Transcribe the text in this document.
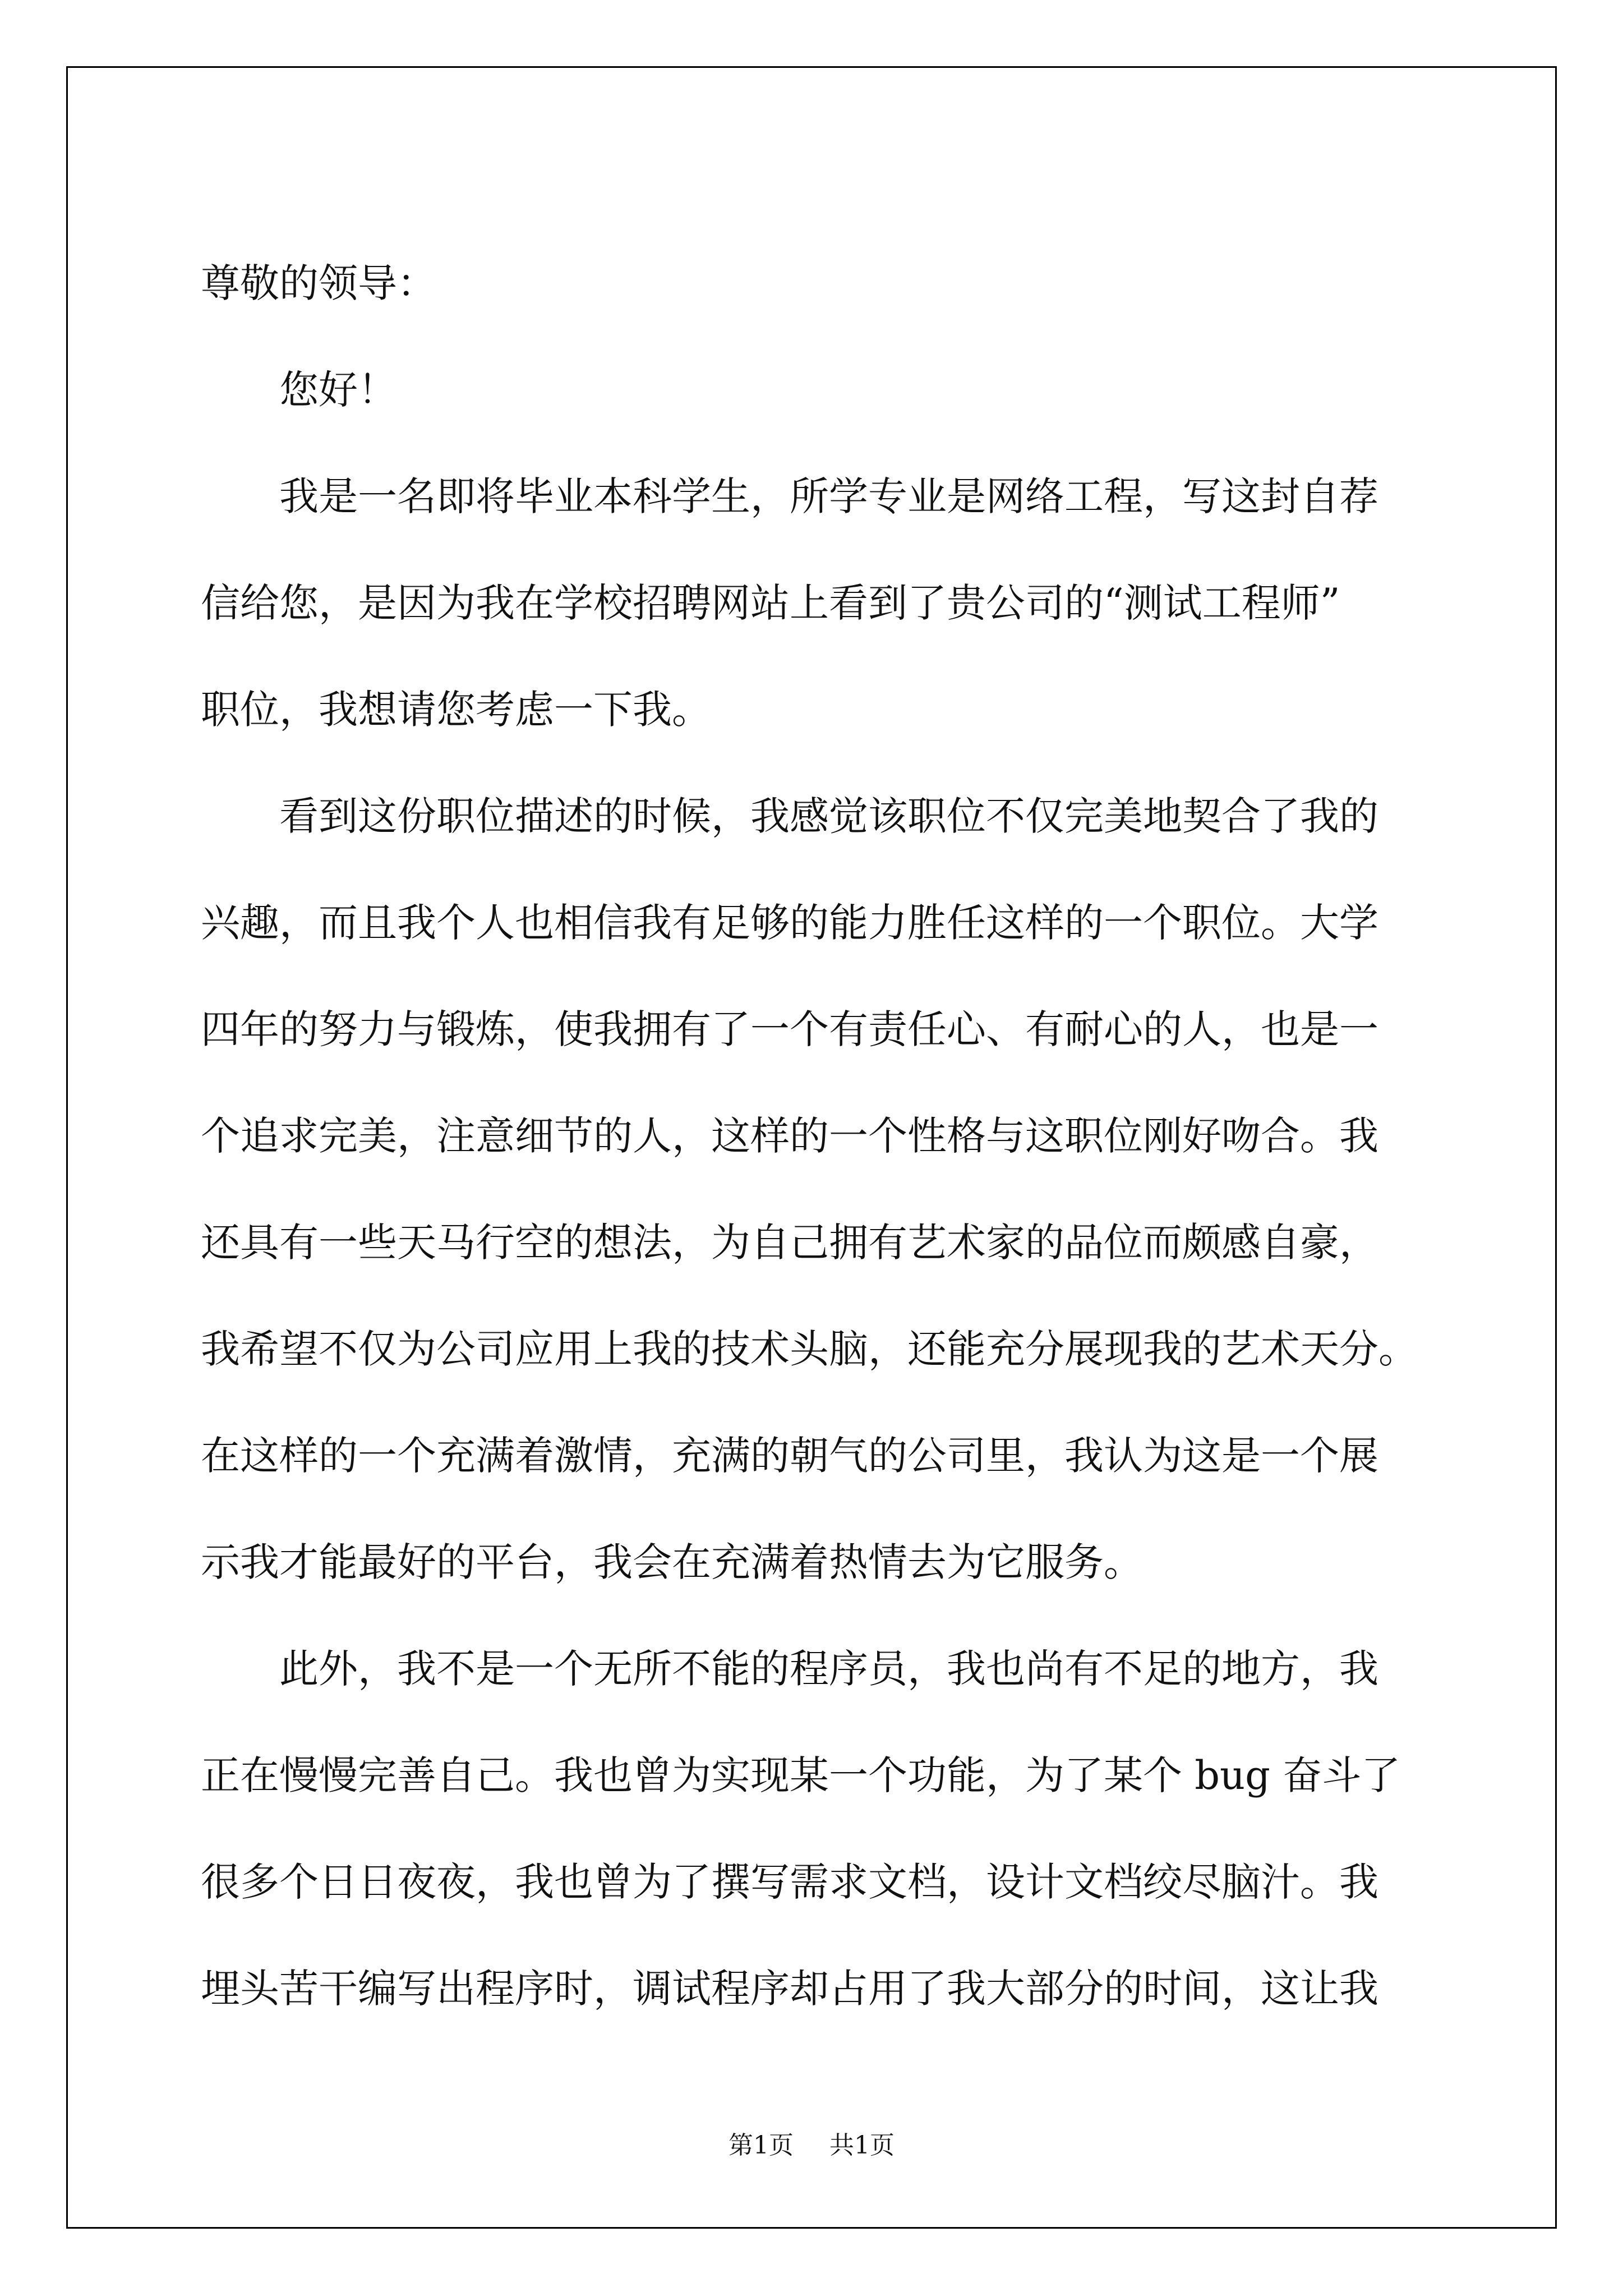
尊敬的领导：

您好！

我是一名即将毕业本科学生，所学专业是网络工程，写这封自荐

信给您，是因为我在学校招聘网站上看到了贵公司的“测试工程师”

职位，我想请您考虑一下我。

看到这份职位描述的时候，我感觉该职位不仅完美地契合了我的

兴趣，而且我个人也相信我有足够的能力胜任这样的一个职位。大学

四年的努力与锻炼，使我拥有了一个有责任心、有耐心的人，也是一

个追求完美，注意细节的人，这样的一个性格与这职位刚好吻合。我

还具有一些天马行空的想法，为自己拥有艺术家的品位而颇感自豪，

我希望不仅为公司应用上我的技术头脑，还能充分展现我的艺术天分。

在这样的一个充满着激情，充满的朝气的公司里，我认为这是一个展

示我才能最好的平台，我会在充满着热情去为它服务。

此外，我不是一个无所不能的程序员，我也尚有不足的地方，我

正在慢慢完善自己。我也曾为实现某一个功能，为了某个 bug 奋斗了

很多个日日夜夜，我也曾为了撰写需求文档，设计文档绞尽脑汁。我

埋头苦干编写出程序时，调试程序却占用了我大部分的时间，这让我

第1页 共1页
